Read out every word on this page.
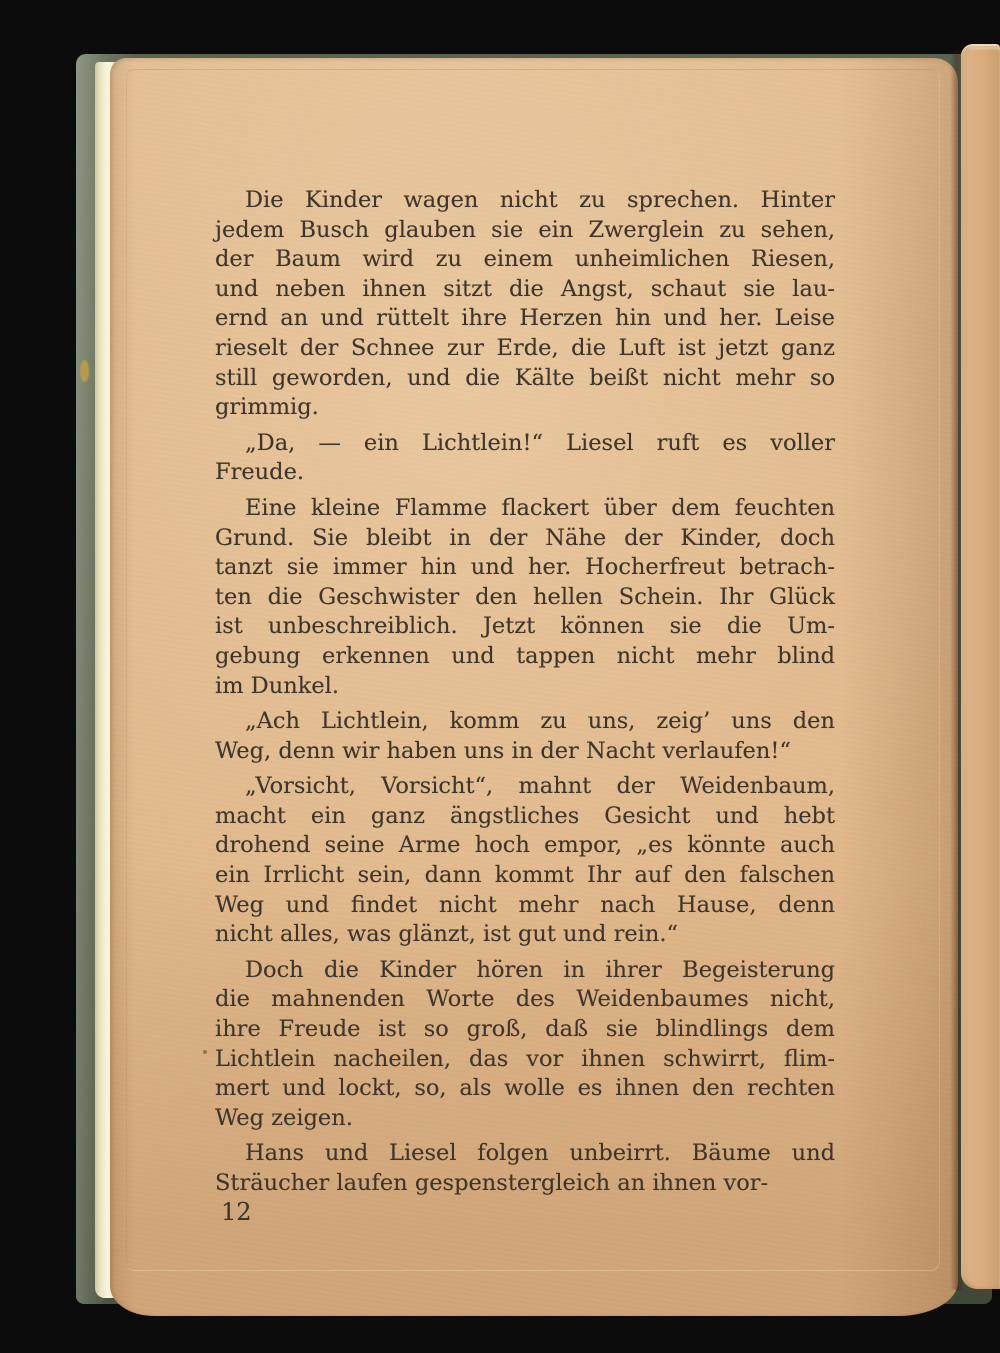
Die Kinder wagen nicht zu sprechen. Hinter
jedem Busch glauben sie ein Zwerglein zu sehen,
der Baum wird zu einem unheimlichen Riesen,
und neben ihnen sitzt die Angst, schaut sie lau-
ernd an und rüttelt ihre Herzen hin und her. Leise
rieselt der Schnee zur Erde, die Luft ist jetzt ganz
still geworden, und die Kälte beißt nicht mehr so
grimmig.

„Da, — ein Lichtlein!“ Liesel ruft es voller
Freude.

Eine kleine Flamme flackert über dem feuchten
Grund. Sie bleibt in der Nähe der Kinder, doch
tanzt sie immer hin und her. Hocherfreut betrach-
ten die Geschwister den hellen Schein. Ihr Glück
ist unbeschreiblich. Jetzt können sie die Um-
gebung erkennen und tappen nicht mehr blind
im Dunkel.

„Ach Lichtlein, komm zu uns, zeig’ uns den
Weg, denn wir haben uns in der Nacht verlaufen!“

„Vorsicht, Vorsicht“, mahnt der Weidenbaum,
macht ein ganz ängstliches Gesicht und hebt
drohend seine Arme hoch empor, „es könnte auch
ein Irrlicht sein, dann kommt Ihr auf den falschen
Weg und findet nicht mehr nach Hause, denn
nicht alles, was glänzt, ist gut und rein.“

Doch die Kinder hören in ihrer Begeisterung
die mahnenden Worte des Weidenbaumes nicht,
ihre Freude ist so groß, daß sie blindlings dem
Lichtlein nacheilen, das vor ihnen schwirrt, flim-
mert und lockt, so, als wolle es ihnen den rechten
Weg zeigen.

Hans und Liesel folgen unbeirrt. Bäume und
Sträucher laufen gespenstergleich an ihnen vor-

12
